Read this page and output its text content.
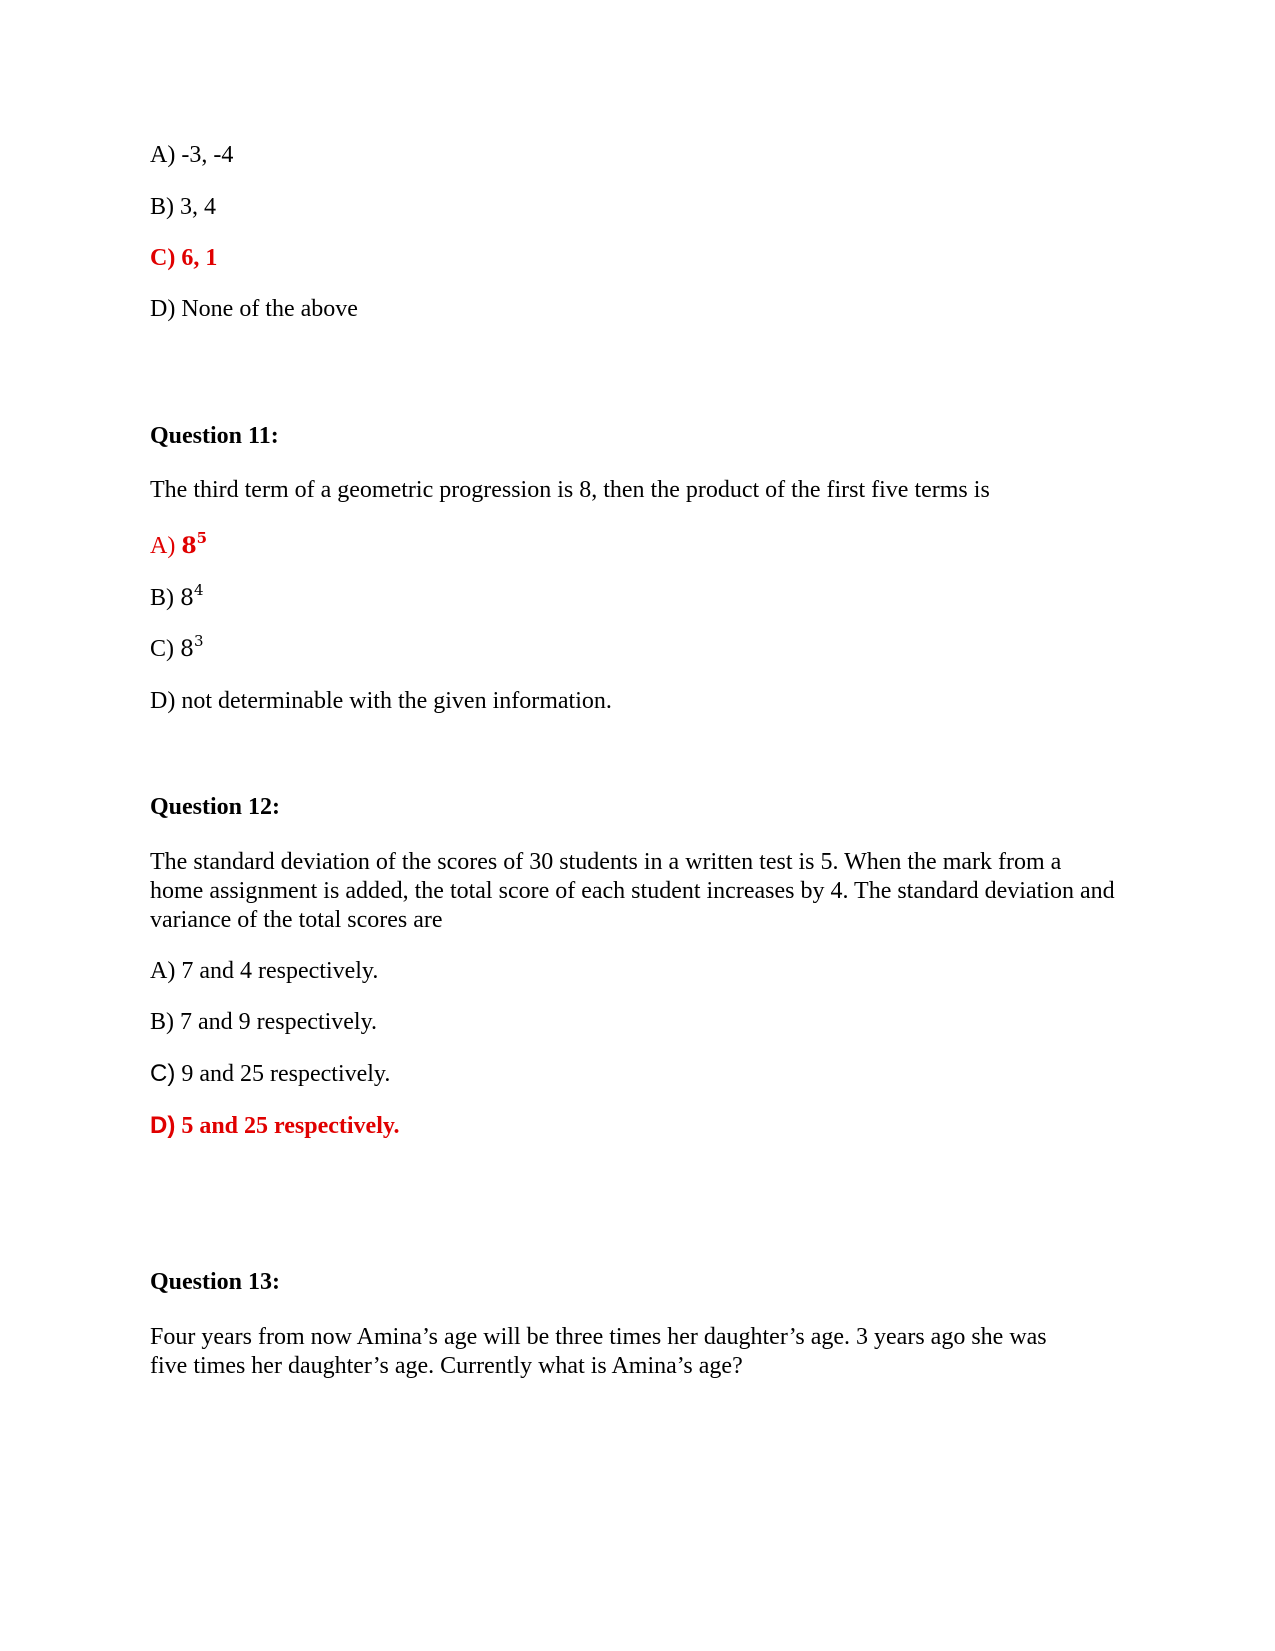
A) -3, -4

B) 3, 4

C) 6, 1

D) None of the above

Question 11:

The third term of a geometric progression is 8, then the product of the first five terms is

A) $8^5$

B) $8^4$

C) $8^3$

D) not determinable with the given information.

Question 12:

The standard deviation of the scores of 30 students in a written test is 5. When the mark from a home assignment is added, the total score of each student increases by 4. The standard deviation and variance of the total scores are

A) 7 and 4 respectively.

B) 7 and 9 respectively.

C) 9 and 25 respectively.

D) 5 and 25 respectively.

Question 13:

Four years from now Amina’s age will be three times her daughter’s age. 3 years ago she was five times her daughter’s age. Currently what is Amina’s age?
